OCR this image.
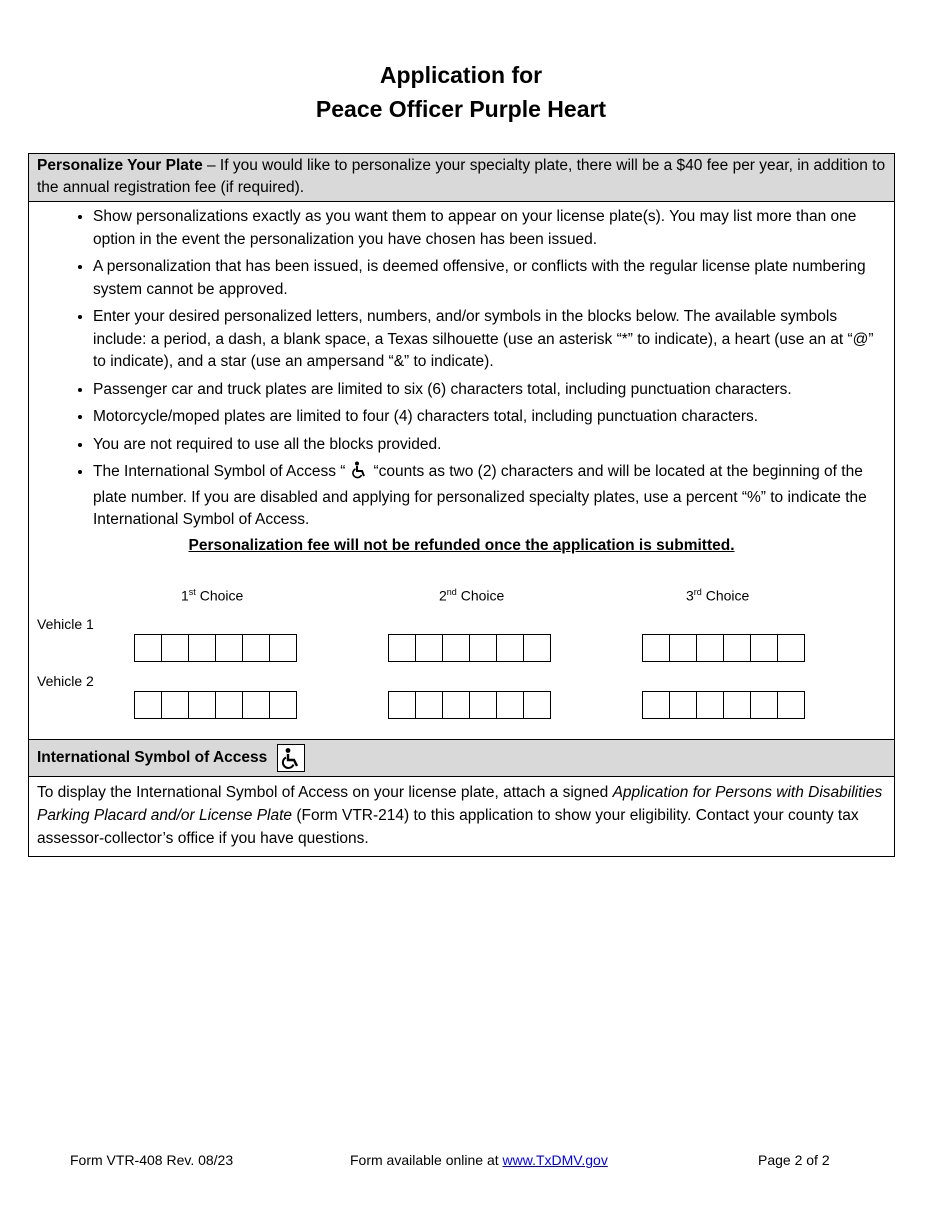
Application for
Peace Officer Purple Heart
Personalize Your Plate – If you would like to personalize your specialty plate, there will be a $40 fee per year, in addition to the annual registration fee (if required).
• Show personalizations exactly as you want them to appear on your license plate(s). You may list more than one option in the event the personalization you have chosen has been issued.
• A personalization that has been issued, is deemed offensive, or conflicts with the regular license plate numbering system cannot be approved.
• Enter your desired personalized letters, numbers, and/or symbols in the blocks below. The available symbols include: a period, a dash, a blank space, a Texas silhouette (use an asterisk “*” to indicate), a heart (use an at “@” to indicate), and a star (use an ampersand “&” to indicate).
• Passenger car and truck plates are limited to six (6) characters total, including punctuation characters.
• Motorcycle/moped plates are limited to four (4) characters total, including punctuation characters.
• You are not required to use all the blocks provided.
• The International Symbol of Access “ “counts as two (2) characters and will be located at the beginning of the plate number. If you are disabled and applying for personalized specialty plates, use a percent “%” to indicate the International Symbol of Access.
Personalization fee will not be refunded once the application is submitted.
1st Choice	2nd Choice	3rd Choice
Vehicle 1
Vehicle 2
International Symbol of Access
To display the International Symbol of Access on your license plate, attach a signed Application for Persons with Disabilities Parking Placard and/or License Plate (Form VTR-214) to this application to show your eligibility. Contact your county tax assessor-collector’s office if you have questions.
Form VTR-408 Rev. 08/23	Form available online at www.TxDMV.gov	Page 2 of 2
